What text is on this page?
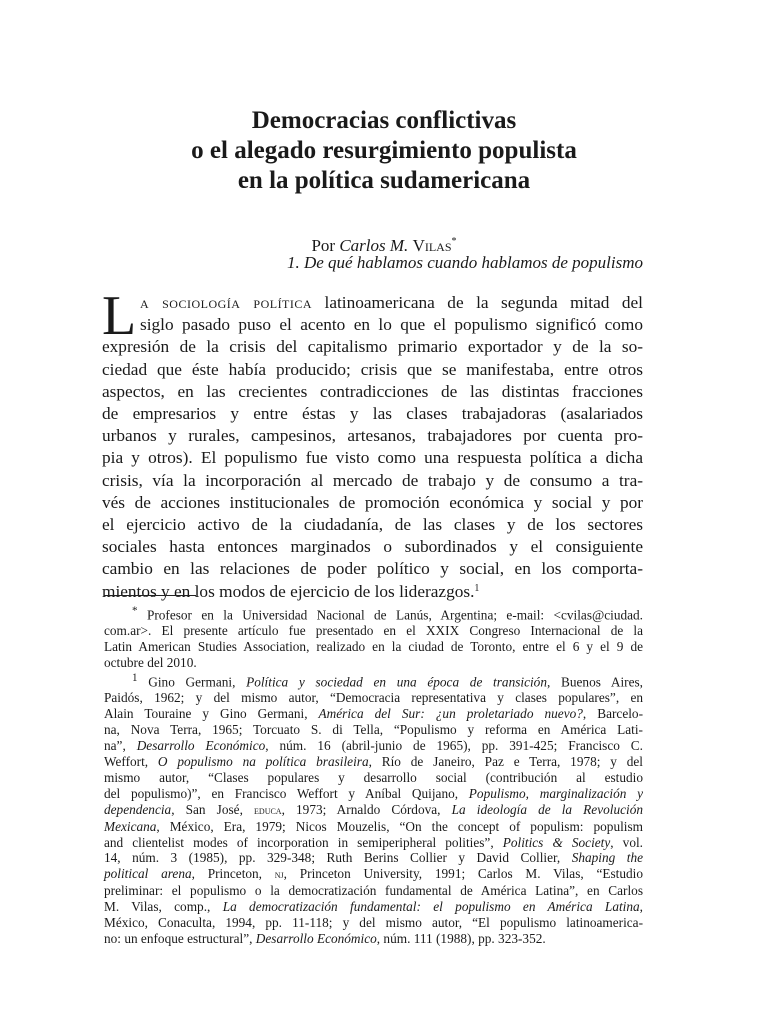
Democracias conflictivas
o el alegado resurgimiento populista
en la política sudamericana
Por Carlos M. Vilas*
1. De qué hablamos cuando hablamos de populismo
L a sociología política latinoamericana de la segunda mitad del
siglo pasado puso el acento en lo que el populismo significó como
expresión de la crisis del capitalismo primario exportador y de la so-
ciedad que éste había producido; crisis que se manifestaba, entre otros
aspectos, en las crecientes contradicciones de las distintas fracciones
de empresarios y entre éstas y las clases trabajadoras (asalariados
urbanos y rurales, campesinos, artesanos, trabajadores por cuenta pro-
pia y otros). El populismo fue visto como una respuesta política a dicha
crisis, vía la incorporación al mercado de trabajo y de consumo a tra-
vés de acciones institucionales de promoción económica y social y por
el ejercicio activo de la ciudadanía, de las clases y de los sectores
sociales hasta entonces marginados o subordinados y el consiguiente
cambio en las relaciones de poder político y social, en los comporta-
mientos y en los modos de ejercicio de los liderazgos.$^1$
* Profesor en la Universidad Nacional de Lanús, Argentina; e-mail: <cvilas@ciudad.
com.ar>. El presente artículo fue presentado en el XXIX Congreso Internacional de la
Latin American Studies Association, realizado en la ciudad de Toronto, entre el 6 y el 9 de
octubre del 2010.
$^1$ Gino Germani, Política y sociedad en una época de transición, Buenos Aires,
Paidós, 1962; y del mismo autor, “Democracia representativa y clases populares”, en
Alain Touraine y Gino Germani, América del Sur: ¿un proletariado nuevo?, Barcelo-
na, Nova Terra, 1965; Torcuato S. di Tella, “Populismo y reforma en América Lati-
na”, Desarrollo Económico, núm. 16 (abril-junio de 1965), pp. 391-425; Francisco C.
Weffort, O populismo na política brasileira, Río de Janeiro, Paz e Terra, 1978; y del
mismo autor, “Clases populares y desarrollo social (contribución al estudio
del populismo)”, en Francisco Weffort y Aníbal Quijano, Populismo, marginalización y
dependencia, San José, educa, 1973; Arnaldo Córdova, La ideología de la Revolución
Mexicana, México, Era, 1979; Nicos Mouzelis, “On the concept of populism: populism
and clientelist modes of incorporation in semiperipheral polities”, Politics & Society, vol.
14, núm. 3 (1985), pp. 329-348; Ruth Berins Collier y David Collier, Shaping the
political arena, Princeton, nj, Princeton University, 1991; Carlos M. Vilas, “Estudio
preliminar: el populismo o la democratización fundamental de América Latina”, en Carlos
M. Vilas, comp., La democratización fundamental: el populismo en América Latina,
México, Conaculta, 1994, pp. 11-118; y del mismo autor, “El populismo latinoamerica-
no: un enfoque estructural”, Desarrollo Económico, núm. 111 (1988), pp. 323-352.
